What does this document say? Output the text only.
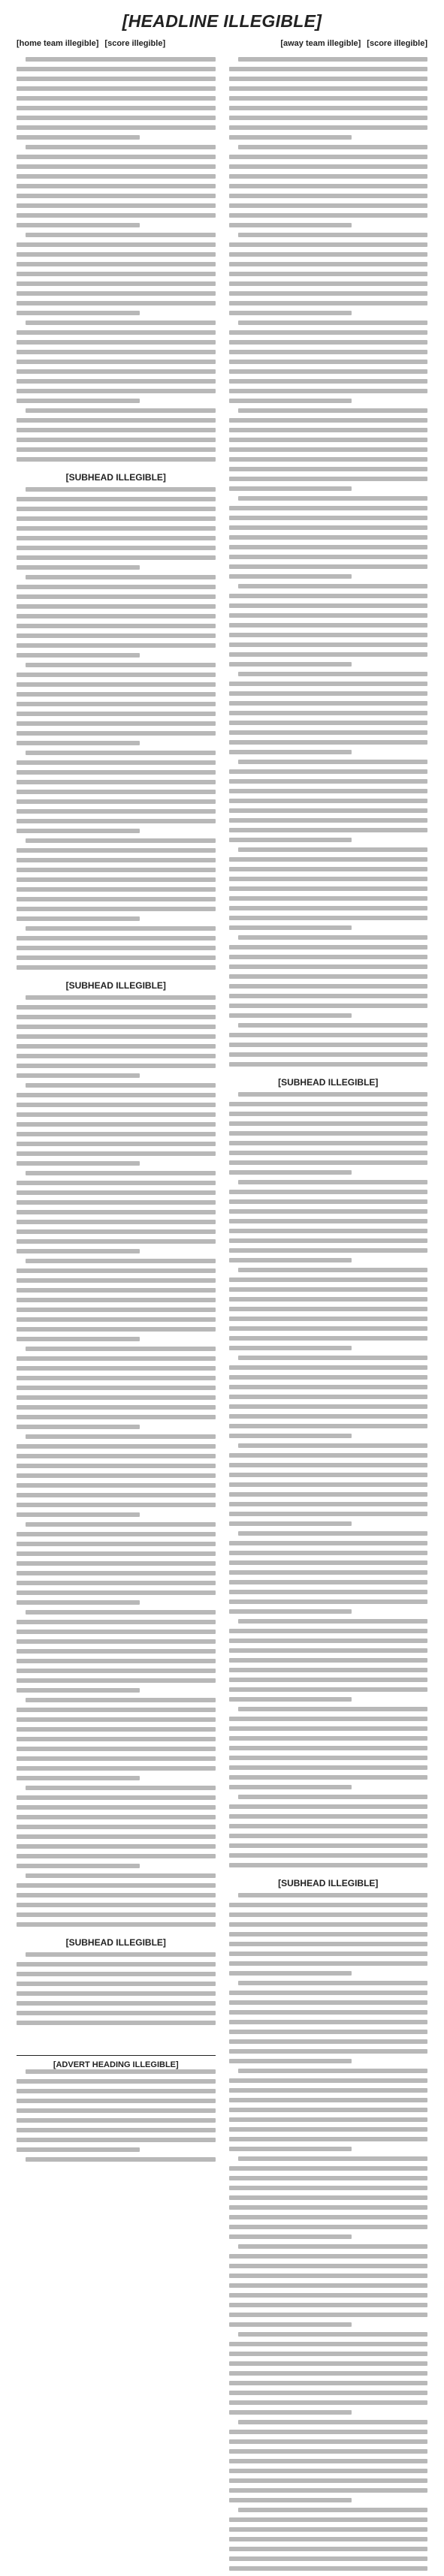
[HEADLINE ILLEGIBLE]
[home team illegible] [score illegible]	[away team illegible] [score illegible]
[SUBHEAD ILLEGIBLE]
[SUBHEAD ILLEGIBLE]
[SUBHEAD ILLEGIBLE]
[ADVERT HEADING ILLEGIBLE]
[SUBHEAD ILLEGIBLE]
[SUBHEAD ILLEGIBLE]
